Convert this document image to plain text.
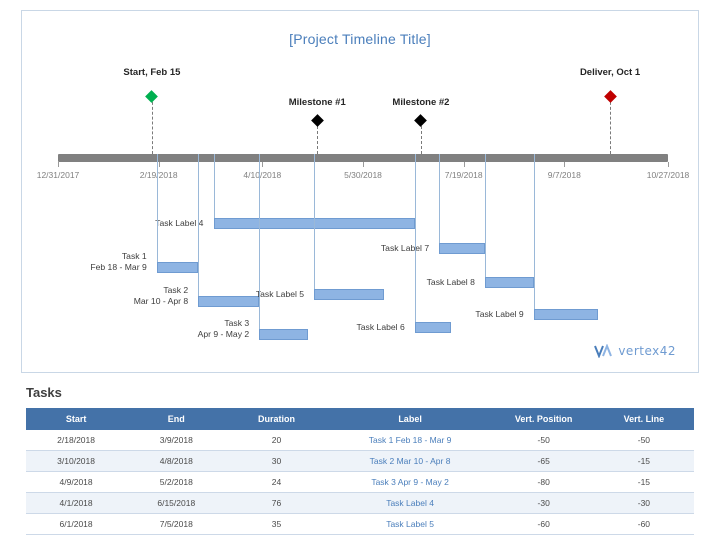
[Project Timeline Title]
12/31/2017	2/19/2018	4/10/2018	5/30/2018	7/19/2018	9/7/2018	10/27/2018
Start, Feb 15
Milestone #1	Milestone #2
Deliver, Oct 1
Task Label 4
Task 1
Feb 18 - Mar 9
Task Label 7
Task 2
Mar 10 - Apr 8
Task Label 5
Task Label 8
Task 3
Apr 9 - May 2
Task Label 6
Task Label 9
vertex42
Tasks
Start	End	Duration	Label	Vert. Position	Vert. Line
2/18/2018	3/9/2018	20	Task 1 Feb 18 - Mar 9	-50	-50
3/10/2018	4/8/2018	30	Task 2 Mar 10 - Apr 8	-65	-15
4/9/2018	5/2/2018	24	Task 3 Apr 9 - May 2	-80	-15
4/1/2018	6/15/2018	76	Task Label 4	-30	-30
6/1/2018	7/5/2018	35	Task Label 5	-60	-60
